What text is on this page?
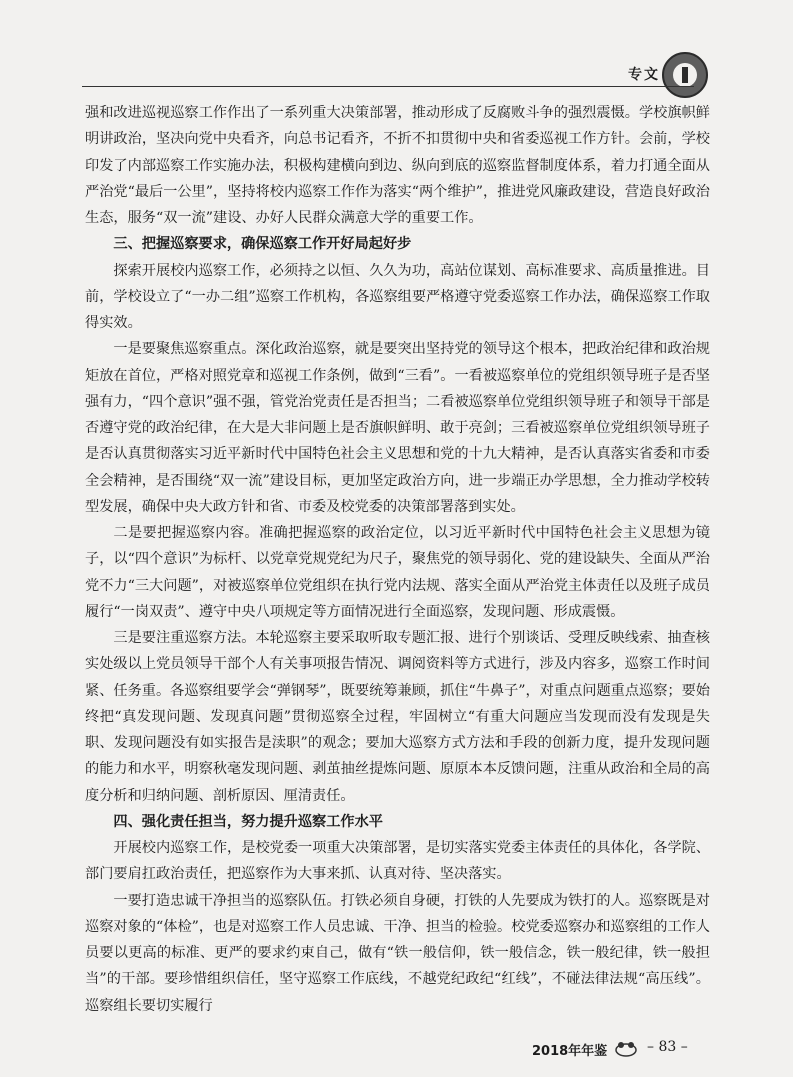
专文

强和改进巡视巡察工作作出了一系列重大决策部署，推动形成了反腐败斗争的强烈震慑。学校旗帜鲜明讲政治，坚决向党中央看齐，向总书记看齐，不折不扣贯彻中央和省委巡视工作方针。会前，学校印发了内部巡察工作实施办法，积极构建横向到边、纵向到底的巡察监督制度体系，着力打通全面从严治党“最后一公里”，坚持将校内巡察工作作为落实“两个维护”，推进党风廉政建设，营造良好政治生态，服务“双一流”建设、办好人民群众满意大学的重要工作。

三、把握巡察要求，确保巡察工作开好局起好步

探索开展校内巡察工作，必须持之以恒、久久为功，高站位谋划、高标准要求、高质量推进。目前，学校设立了“一办二组”巡察工作机构，各巡察组要严格遵守党委巡察工作办法，确保巡察工作取得实效。

一是要聚焦巡察重点。深化政治巡察，就是要突出坚持党的领导这个根本，把政治纪律和政治规矩放在首位，严格对照党章和巡视工作条例，做到“三看”。一看被巡察单位的党组织领导班子是否坚强有力，“四个意识”强不强，管党治党责任是否担当；二看被巡察单位党组织领导班子和领导干部是否遵守党的政治纪律，在大是大非问题上是否旗帜鲜明、敢于亮剑；三看被巡察单位党组织领导班子是否认真贯彻落实习近平新时代中国特色社会主义思想和党的十九大精神，是否认真落实省委和市委全会精神，是否围绕“双一流”建设目标，更加坚定政治方向，进一步端正办学思想，全力推动学校转型发展，确保中央大政方针和省、市委及校党委的决策部署落到实处。

二是要把握巡察内容。准确把握巡察的政治定位，以习近平新时代中国特色社会主义思想为镜子，以“四个意识”为标杆、以党章党规党纪为尺子，聚焦党的领导弱化、党的建设缺失、全面从严治党不力“三大问题”，对被巡察单位党组织在执行党内法规、落实全面从严治党主体责任以及班子成员履行“一岗双责”、遵守中央八项规定等方面情况进行全面巡察，发现问题、形成震慑。

三是要注重巡察方法。本轮巡察主要采取听取专题汇报、进行个别谈话、受理反映线索、抽查核实处级以上党员领导干部个人有关事项报告情况、调阅资料等方式进行，涉及内容多，巡察工作时间紧、任务重。各巡察组要学会“弹钢琴”，既要统筹兼顾，抓住“牛鼻子”，对重点问题重点巡察；要始终把“真发现问题、发现真问题”贯彻巡察全过程，牢固树立“有重大问题应当发现而没有发现是失职、发现问题没有如实报告是渎职”的观念；要加大巡察方式方法和手段的创新力度，提升发现问题的能力和水平，明察秋毫发现问题、剥茧抽丝提炼问题、原原本本反馈问题，注重从政治和全局的高度分析和归纳问题、剖析原因、厘清责任。

四、强化责任担当，努力提升巡察工作水平

开展校内巡察工作，是校党委一项重大决策部署，是切实落实党委主体责任的具体化，各学院、部门要肩扛政治责任，把巡察作为大事来抓、认真对待、坚决落实。

一要打造忠诚干净担当的巡察队伍。打铁必须自身硬，打铁的人先要成为铁打的人。巡察既是对巡察对象的“体检”，也是对巡察工作人员忠诚、干净、担当的检验。校党委巡察办和巡察组的工作人员要以更高的标准、更严的要求约束自己，做有“铁一般信仰，铁一般信念，铁一般纪律，铁一般担当”的干部。要珍惜组织信任，坚守巡察工作底线，不越党纪政纪“红线”，不碰法律法规“高压线”。巡察组长要切实履行

2018年年鉴	– 83 –
